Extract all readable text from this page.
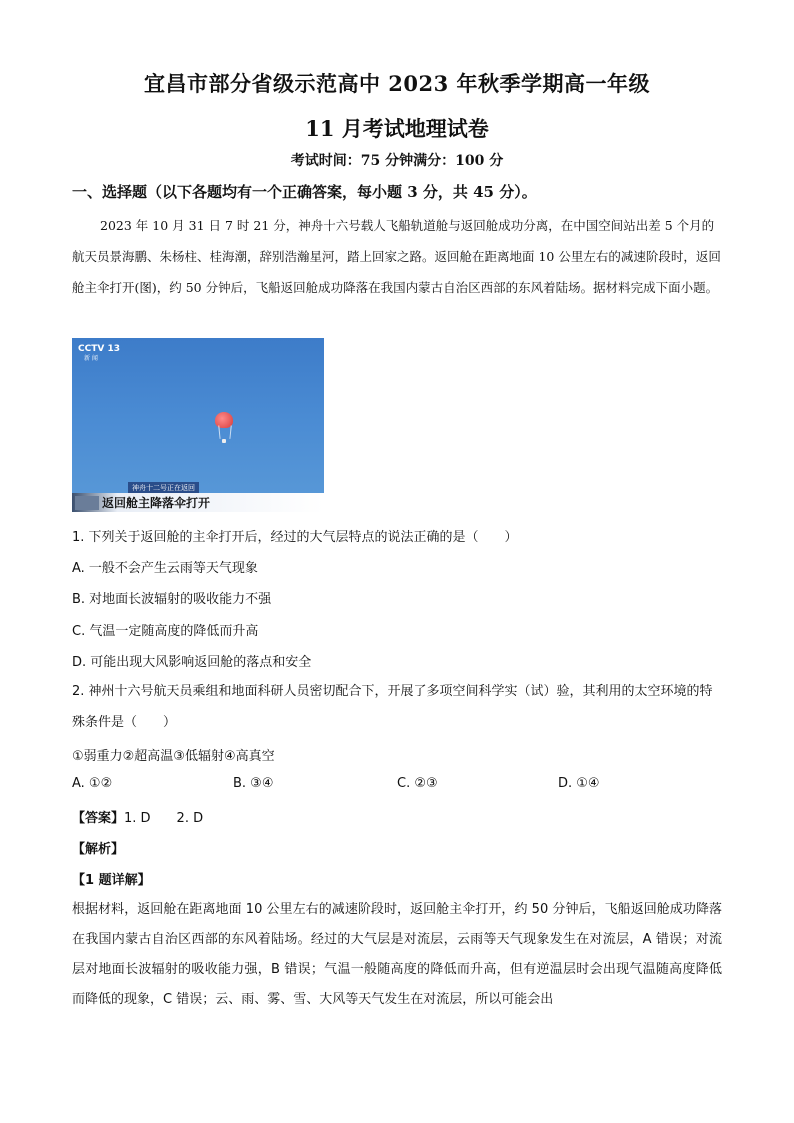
宜昌市部分省级示范高中 2023 年秋季学期高一年级
11 月考试地理试卷
考试时间：75 分钟满分：100 分
一、选择题（以下各题均有一个正确答案，每小题 3 分，共 45 分）。
2023 年 10 月 31 日 7 时 21 分，神舟十六号载人飞船轨道舱与返回舱成功分离，在中国空间站出差 5 个月的航天员景海鹏、朱杨柱、桂海潮，辞别浩瀚星河，踏上回家之路。返回舱在距离地面 10 公里左右的减速阶段时，返回舱主伞打开(图)，约 50 分钟后，飞船返回舱成功降落在我国内蒙古自治区西部的东风着陆场。据材料完成下面小题。
CCTV 13
新 闻
神舟十二号正在返回
返回舱主降落伞打开
1. 下列关于返回舱的主伞打开后，经过的大气层特点的说法正确的是（　　）
A. 一般不会产生云雨等天气现象
B. 对地面长波辐射的吸收能力不强
C. 气温一定随高度的降低而升高
D. 可能出现大风影响返回舱的落点和安全
2. 神州十六号航天员乘组和地面科研人员密切配合下，开展了多项空间科学实（试）验，其利用的太空环境的特殊条件是（　　）
①弱重力②超高温③低辐射④高真空
A. ①②	B. ③④	C. ②③	D. ①④
【答案】1. D　　2. D
【解析】
【1 题详解】
根据材料，返回舱在距离地面 10 公里左右的减速阶段时，返回舱主伞打开，约 50 分钟后，飞船返回舱成功降落在我国内蒙古自治区西部的东风着陆场。经过的大气层是对流层，云雨等天气现象发生在对流层，A 错误；对流层对地面长波辐射的吸收能力强，B 错误；气温一般随高度的降低而升高，但有逆温层时会出现气温随高度降低而降低的现象，C 错误；云、雨、雾、雪、大风等天气发生在对流层，所以可能会出
